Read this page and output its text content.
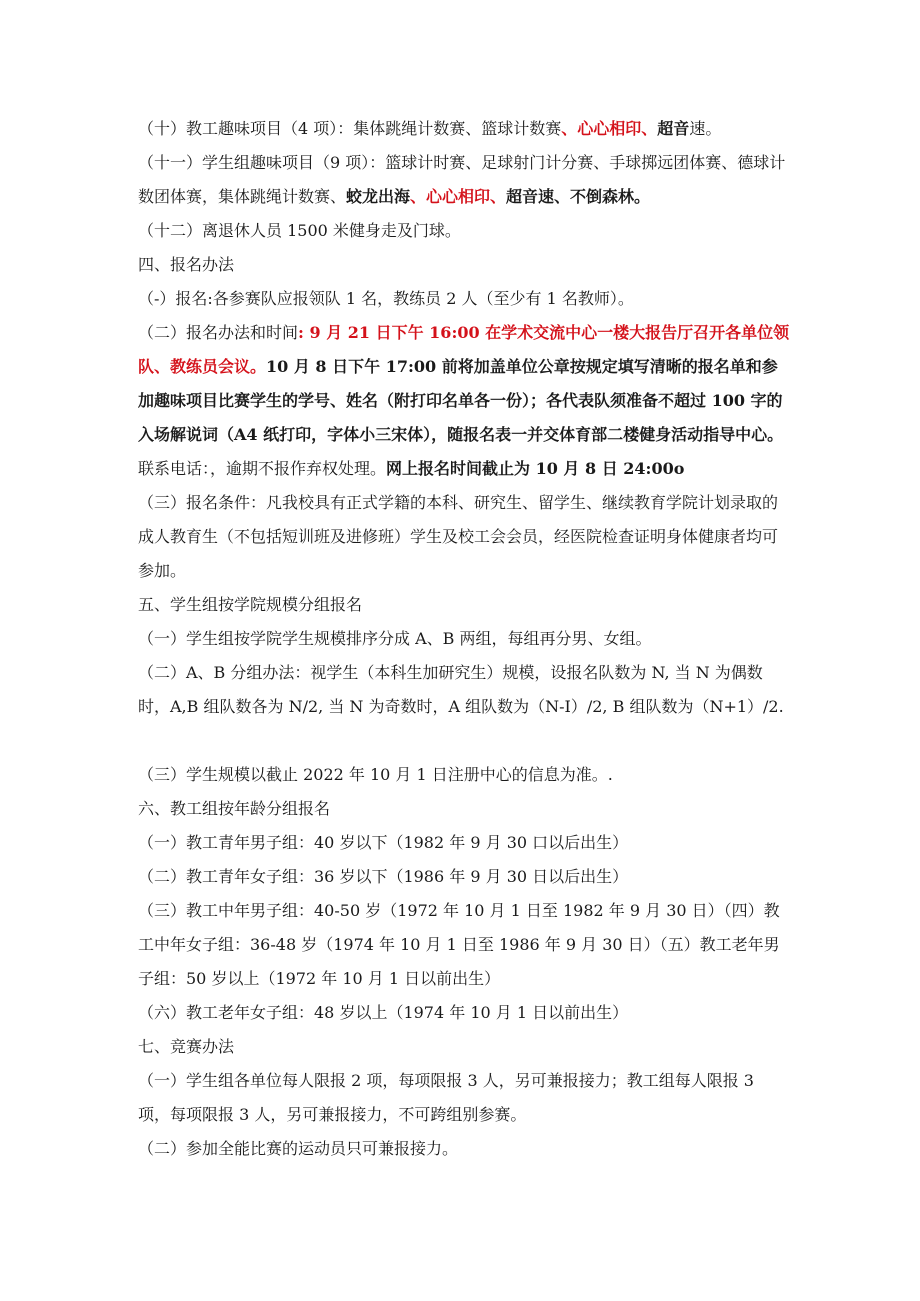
（十）教工趣味项目（4 项）：集体跳绳计数赛、篮球计数赛、心心相印、超音速。

（十一）学生组趣味项目（9 项）：篮球计时赛、足球射门计分赛、手球掷远团体赛、德球计数团体赛，集体跳绳计数赛、蛟龙出海、心心相印、超音速、不倒森林。

（十二）离退休人员 1500 米健身走及门球。

四、报名办法

（-）报名:各参赛队应报领队 1 名，教练员 2 人（至少有 1 名教师）。

（二）报名办法和时间: 9 月 21 日下午 16:00 在学术交流中心一楼大报告厅召开各单位领队、教练员会议。10 月 8 日下午 17:00 前将加盖单位公章按规定填写清晰的报名单和参加趣味项目比赛学生的学号、姓名（附打印名单各一份）；各代表队须准备不超过 100 字的入场解说词（A4 纸打印，字体小三宋体），随报名表一并交体育部二楼健身活动指导中心。联系电话：，逾期不报作弃权处理。网上报名时间截止为 10 月 8 日 24:00o

（三）报名条件：凡我校具有正式学籍的本科、研究生、留学生、继续教育学院计划录取的成人教育生（不包括短训班及进修班）学生及校工会会员，经医院检查证明身体健康者均可参加。

五、学生组按学院规模分组报名

（一）学生组按学院学生规模排序分成 A、B 两组，每组再分男、女组。

（二）A、B 分组办法：视学生（本科生加研究生）规模，设报名队数为 N, 当 N 为偶数时，A,B 组队数各为 N/2, 当 N 为奇数时，A 组队数为（N-I）/2, B 组队数为（N+1）/2.

（三）学生规模以截止 2022 年 10 月 1 日注册中心的信息为准。.

六、教工组按年龄分组报名

（一）教工青年男子组：40 岁以下（1982 年 9 月 30 口以后出生）

（二）教工青年女子组：36 岁以下（1986 年 9 月 30 日以后出生）

（三）教工中年男子组：40-50 岁（1972 年 10 月 1 日至 1982 年 9 月 30 日）（四）教工中年女子组：36-48 岁（1974 年 10 月 1 日至 1986 年 9 月 30 日）（五）教工老年男子组：50 岁以上（1972 年 10 月 1 日以前出生）

（六）教工老年女子组：48 岁以上（1974 年 10 月 1 日以前出生）

七、竞赛办法

（一）学生组各单位每人限报 2 项，每项限报 3 人，另可兼报接力；教工组每人限报 3 项，每项限报 3 人，另可兼报接力，不可跨组别参赛。

（二）参加全能比赛的运动员只可兼报接力。
